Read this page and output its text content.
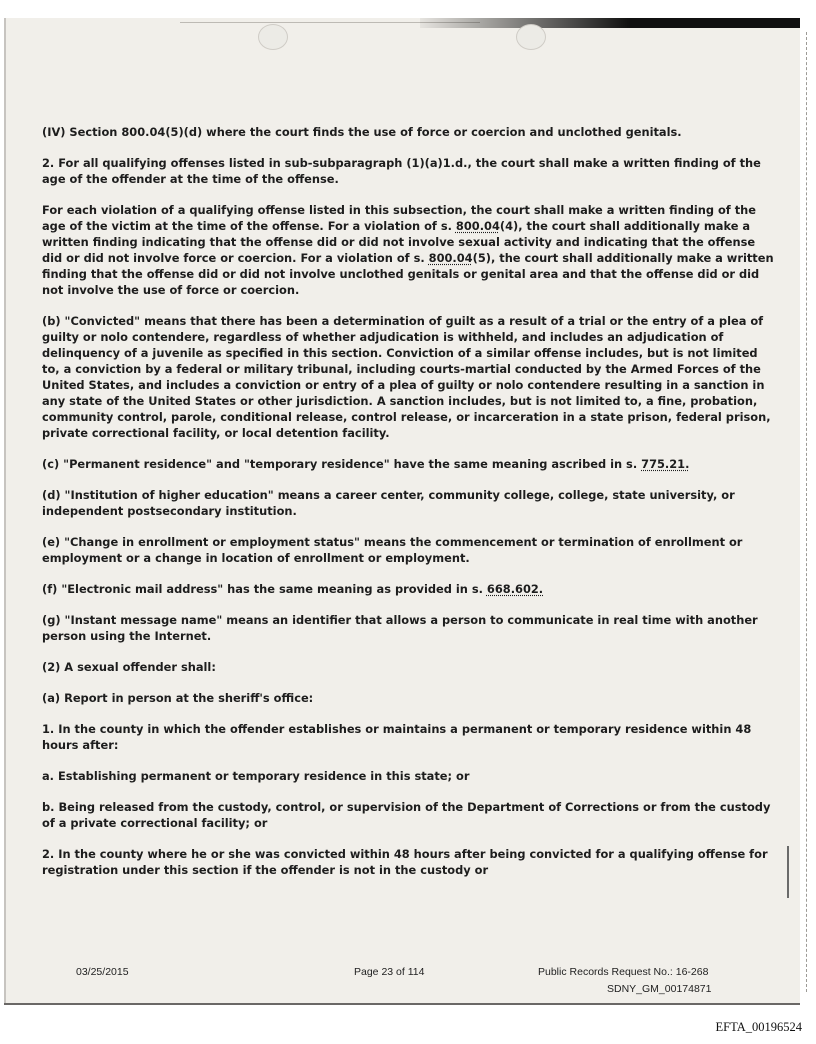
(IV) Section 800.04(5)(d) where the court finds the use of force or coercion and unclothed genitals.

2. For all qualifying offenses listed in sub-subparagraph (1)(a)1.d., the court shall make a written finding of the age of the offender at the time of the offense.

For each violation of a qualifying offense listed in this subsection, the court shall make a written finding of the age of the victim at the time of the offense. For a violation of s. 800.04(4), the court shall additionally make a written finding indicating that the offense did or did not involve sexual activity and indicating that the offense did or did not involve force or coercion. For a violation of s. 800.04(5), the court shall additionally make a written finding that the offense did or did not involve unclothed genitals or genital area and that the offense did or did not involve the use of force or coercion.

(b) "Convicted" means that there has been a determination of guilt as a result of a trial or the entry of a plea of guilty or nolo contendere, regardless of whether adjudication is withheld, and includes an adjudication of delinquency of a juvenile as specified in this section. Conviction of a similar offense includes, but is not limited to, a conviction by a federal or military tribunal, including courts-martial conducted by the Armed Forces of the United States, and includes a conviction or entry of a plea of guilty or nolo contendere resulting in a sanction in any state of the United States or other jurisdiction. A sanction includes, but is not limited to, a fine, probation, community control, parole, conditional release, control release, or incarceration in a state prison, federal prison, private correctional facility, or local detention facility.

(c) "Permanent residence" and "temporary residence" have the same meaning ascribed in s. 775.21.

(d) "Institution of higher education" means a career center, community college, college, state university, or independent postsecondary institution.

(e) "Change in enrollment or employment status" means the commencement or termination of enrollment or employment or a change in location of enrollment or employment.

(f) "Electronic mail address" has the same meaning as provided in s. 668.602.

(g) "Instant message name" means an identifier that allows a person to communicate in real time with another person using the Internet.

(2) A sexual offender shall:

(a) Report in person at the sheriff's office:

1. In the county in which the offender establishes or maintains a permanent or temporary residence within 48 hours after:

a. Establishing permanent or temporary residence in this state; or

b. Being released from the custody, control, or supervision of the Department of Corrections or from the custody of a private correctional facility; or

2. In the county where he or she was convicted within 48 hours after being convicted for a qualifying offense for registration under this section if the offender is not in the custody or

03/25/2015	Page 23 of 114	Public Records Request No.: 16-268
SDNY_GM_00174871
EFTA_00196524
